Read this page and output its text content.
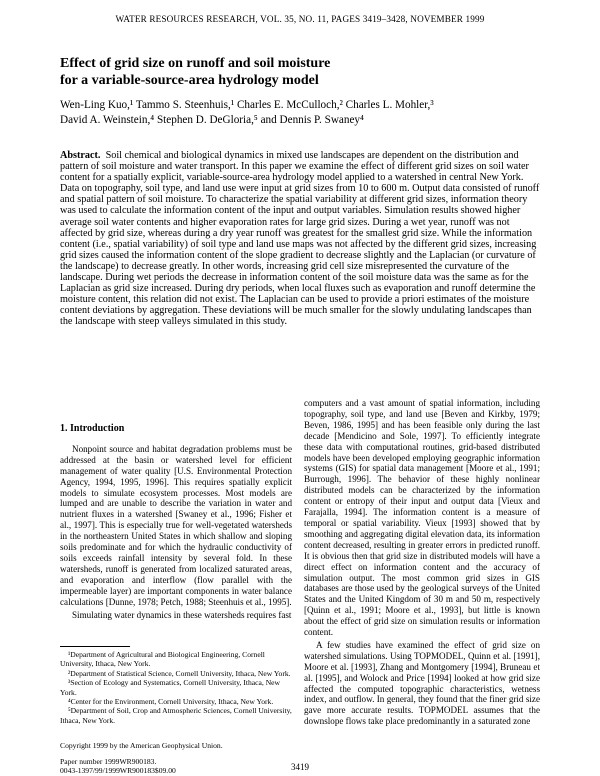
WATER RESOURCES RESEARCH, VOL. 35, NO. 11, PAGES 3419–3428, NOVEMBER 1999
Effect of grid size on runoff and soil moisture
for a variable-source-area hydrology model
Wen-Ling Kuo,¹ Tammo S. Steenhuis,¹ Charles E. McCulloch,² Charles L. Mohler,³
David A. Weinstein,⁴ Stephen D. DeGloria,⁵ and Dennis P. Swaney⁴
Abstract. Soil chemical and biological dynamics in mixed use landscapes are dependent on the distribution and pattern of soil moisture and water transport. In this paper we examine the effect of different grid sizes on soil water content for a spatially explicit, variable-source-area hydrology model applied to a watershed in central New York. Data on topography, soil type, and land use were input at grid sizes from 10 to 600 m. Output data consisted of runoff and spatial pattern of soil moisture. To characterize the spatial variability at different grid sizes, information theory was used to calculate the information content of the input and output variables. Simulation results showed higher average soil water contents and higher evaporation rates for large grid sizes. During a wet year, runoff was not affected by grid size, whereas during a dry year runoff was greatest for the smallest grid size. While the information content (i.e., spatial variability) of soil type and land use maps was not affected by the different grid sizes, increasing grid sizes caused the information content of the slope gradient to decrease slightly and the Laplacian (or curvature of the landscape) to decrease greatly. In other words, increasing grid cell size misrepresented the curvature of the landscape. During wet periods the decrease in information content of the soil moisture data was the same as for the Laplacian as grid size increased. During dry periods, when local fluxes such as evaporation and runoff determine the moisture content, this relation did not exist. The Laplacian can be used to provide a priori estimates of the moisture content deviations by aggregation. These deviations will be much smaller for the slowly undulating landscapes than the landscape with steep valleys simulated in this study.
1. Introduction

Nonpoint source and habitat degradation problems must be addressed at the basin or watershed level for efficient management of water quality [U.S. Environmental Protection Agency, 1994, 1995, 1996]. This requires spatially explicit models to simulate ecosystem processes. Most models are lumped and are unable to describe the variation in water and nutrient fluxes in a watershed [Swaney et al., 1996; Fisher et al., 1997]. This is especially true for well-vegetated watersheds in the northeastern United States in which shallow and sloping soils predominate and for which the hydraulic conductivity of soils exceeds rainfall intensity by several fold. In these watersheds, runoff is generated from localized saturated areas, and evaporation and interflow (flow parallel with the impermeable layer) are important components in water balance calculations [Dunne, 1978; Petch, 1988; Steenhuis et al., 1995].

Simulating water dynamics in these watersheds requires fast

computers and a vast amount of spatial information, including topography, soil type, and land use [Beven and Kirkby, 1979; Beven, 1986, 1995] and has been feasible only during the last decade [Mendicino and Sole, 1997]. To efficiently integrate these data with computational routines, grid-based distributed models have been developed employing geographic information systems (GIS) for spatial data management [Moore et al., 1991; Burrough, 1996]. The behavior of these highly nonlinear distributed models can be characterized by the information content or entropy of their input and output data [Vieux and Farajalla, 1994]. The information content is a measure of temporal or spatial variability. Vieux [1993] showed that by smoothing and aggregating digital elevation data, its information content decreased, resulting in greater errors in predicted runoff. It is obvious then that grid size in distributed models will have a direct effect on information content and the accuracy of simulation output. The most common grid sizes in GIS databases are those used by the geological surveys of the United States and the United Kingdom of 30 m and 50 m, respectively [Quinn et al., 1991; Moore et al., 1993], but little is known about the effect of grid size on simulation results or information content.

A few studies have examined the effect of grid size on watershed simulations. Using TOPMODEL, Quinn et al. [1991], Moore et al. [1993], Zhang and Montgomery [1994], Bruneau et al. [1995], and Wolock and Price [1994] looked at how grid size affected the computed topographic characteristics, wetness index, and outflow. In general, they found that the finer grid size gave more accurate results. TOPMODEL assumes that the downslope flows take place predominantly in a saturated zone

¹Department of Agricultural and Biological Engineering, Cornell University, Ithaca, New York.

²Department of Statistical Science, Cornell University, Ithaca, New York.

³Section of Ecology and Systematics, Cornell University, Ithaca, New York.

⁴Center for the Environment, Cornell University, Ithaca, New York.

⁵Department of Soil, Crop and Atmospheric Sciences, Cornell University, Ithaca, New York.

Copyright 1999 by the American Geophysical Union.
Paper number 1999WR900183.
0043-1397/99/1999WR900183$09.00	3419
